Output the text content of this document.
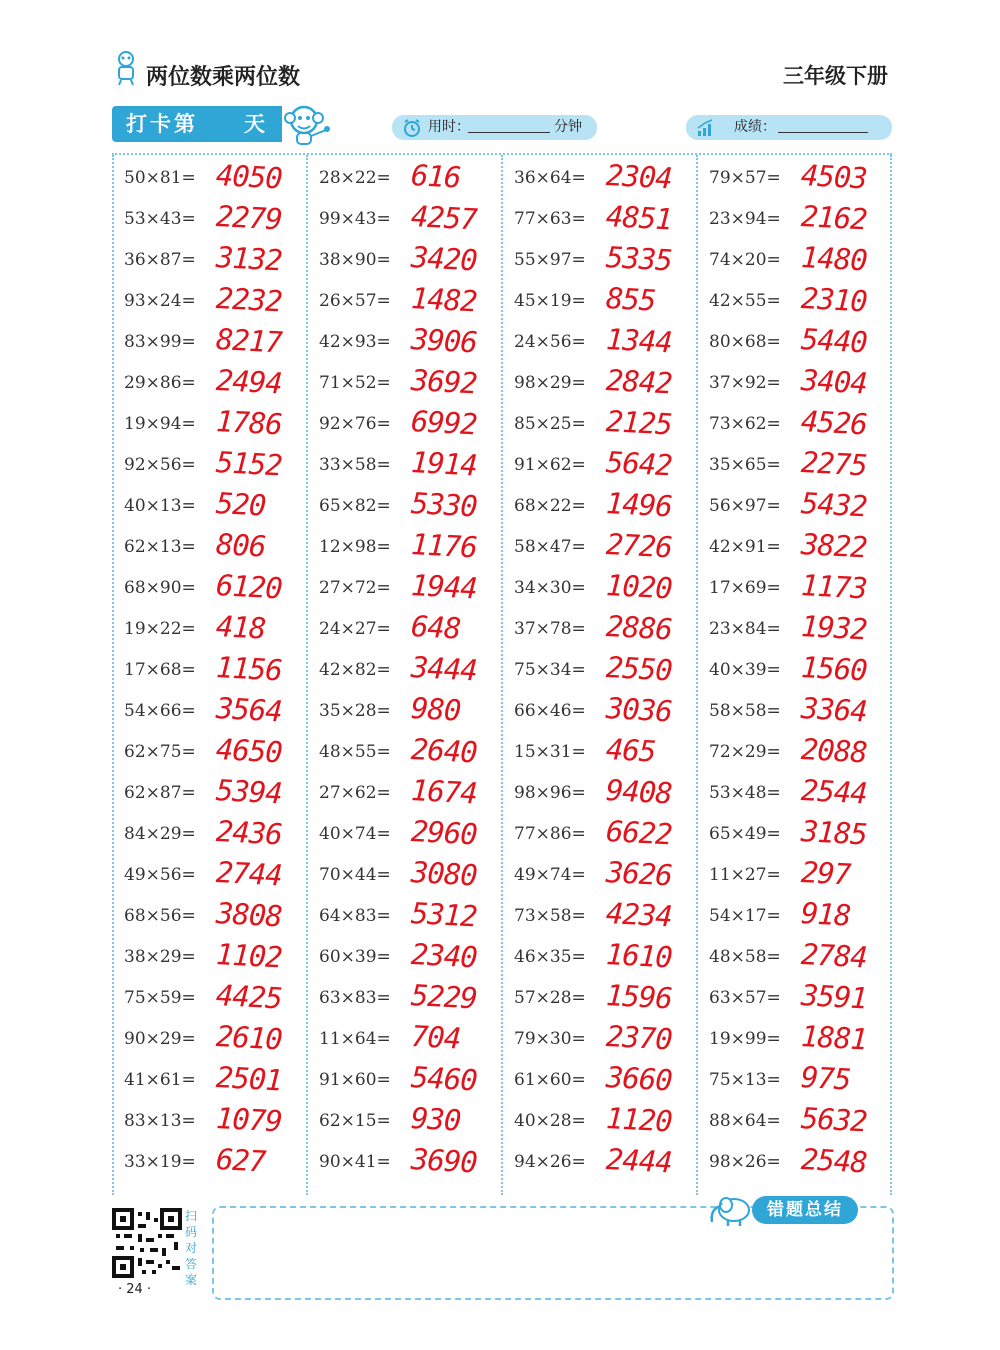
两位数乘两位数	三年级下册
打卡第 天	用时：	分钟	成绩：
50×81= 4050
53×43= 2279
36×87= 3132
93×24= 2232
83×99= 8217
29×86= 2494
19×94= 1786
92×56= 5152
40×13= 520
62×13= 806
68×90= 6120
19×22= 418
17×68= 1156
54×66= 3564
62×75= 4650
62×87= 5394
84×29= 2436
49×56= 2744
68×56= 3808
38×29= 1102
75×59= 4425
90×29= 2610
41×61= 2501
83×13= 1079
33×19= 627
28×22= 616
99×43= 4257
38×90= 3420
26×57= 1482
42×93= 3906
71×52= 3692
92×76= 6992
33×58= 1914
65×82= 5330
12×98= 1176
27×72= 1944
24×27= 648
42×82= 3444
35×28= 980
48×55= 2640
27×62= 1674
40×74= 2960
70×44= 3080
64×83= 5312
60×39= 2340
63×83= 5229
11×64= 704
91×60= 5460
62×15= 930
90×41= 3690
36×64= 2304
77×63= 4851
55×97= 5335
45×19= 855
24×56= 1344
98×29= 2842
85×25= 2125
91×62= 5642
68×22= 1496
58×47= 2726
34×30= 1020
37×78= 2886
75×34= 2550
66×46= 3036
15×31= 465
98×96= 9408
77×86= 6622
49×74= 3626
73×58= 4234
46×35= 1610
57×28= 1596
79×30= 2370
61×60= 3660
40×28= 1120
94×26= 2444
79×57= 4503
23×94= 2162
74×20= 1480
42×55= 2310
80×68= 5440
37×92= 3404
73×62= 4526
35×65= 2275
56×97= 5432
42×91= 3822
17×69= 1173
23×84= 1932
40×39= 1560
58×58= 3364
72×29= 2088
53×48= 2544
65×49= 3185
11×27= 297
54×17= 918
48×58= 2784
63×57= 3591
19×99= 1881
75×13= 975
88×64= 5632
98×26= 2548
扫码对答案
· 24 ·
错题总结
